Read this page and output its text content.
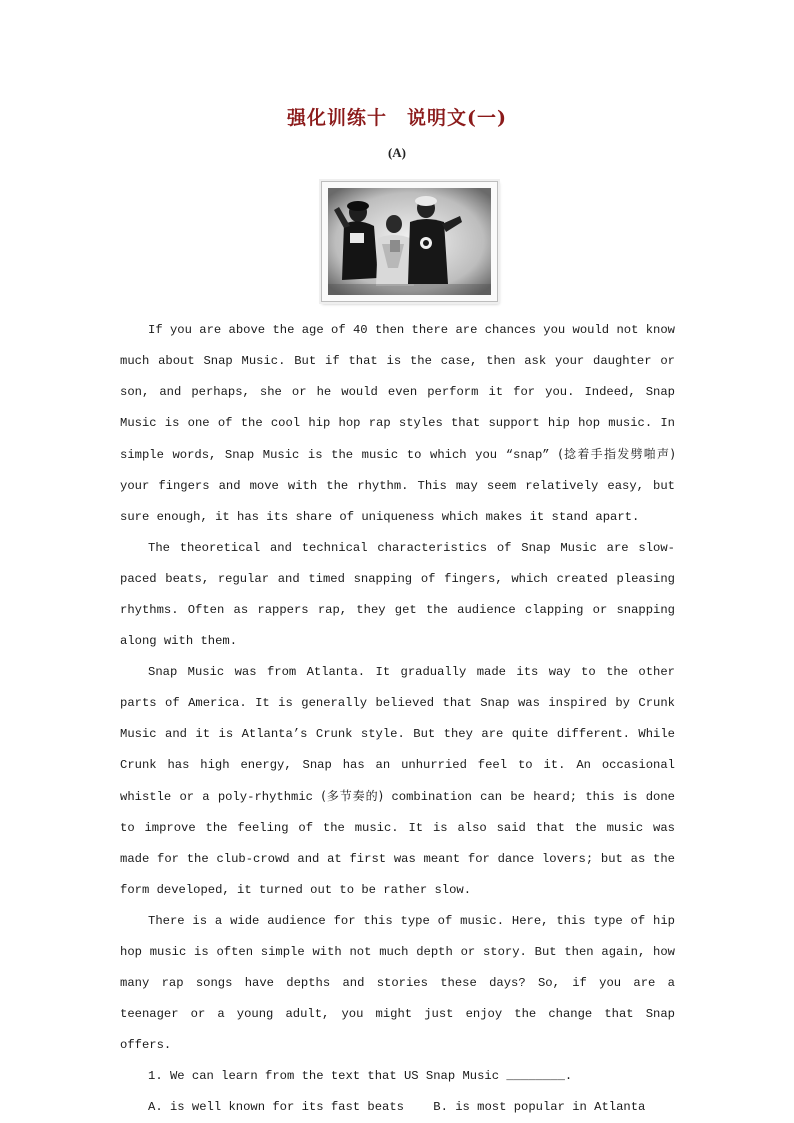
强化训练十　说明文(一)
(A)

If you are above the age of 40 then there are chances you would not know much about Snap Music. But if that is the case, then ask your daughter or son, and perhaps, she or he would even perform it for you. Indeed, Snap Music is one of the cool hip hop rap styles that support hip hop music. In simple words, Snap Music is the music to which you “snap” (捻着手指发劈啪声) your fingers and move with the rhythm. This may seem relatively easy, but sure enough, it has its share of uniqueness which makes it stand apart.

The theoretical and technical characteristics of Snap Music are slow-paced beats, regular and timed snapping of fingers, which created pleasing rhythms. Often as rappers rap, they get the audience clapping or snapping along with them.

Snap Music was from Atlanta. It gradually made its way to the other parts of America. It is generally believed that Snap was inspired by Crunk Music and it is Atlanta’s Crunk style. But they are quite different. While Crunk has high energy, Snap has an unhurried feel to it. An occasional whistle or a poly-rhythmic (多节奏的) combination can be heard; this is done to improve the feeling of the music. It is also said that the music was made for the club-crowd and at first was meant for dance lovers; but as the form developed, it turned out to be rather slow.

There is a wide audience for this type of music. Here, this type of hip hop music is often simple with not much depth or story. But then again, how many rap songs have depths and stories these days? So, if you are a teenager or a young adult, you might just enjoy the change that Snap offers.

1. We can learn from the text that US Snap Music ________.

A. is well known for its fast beats B. is most popular in Atlanta
